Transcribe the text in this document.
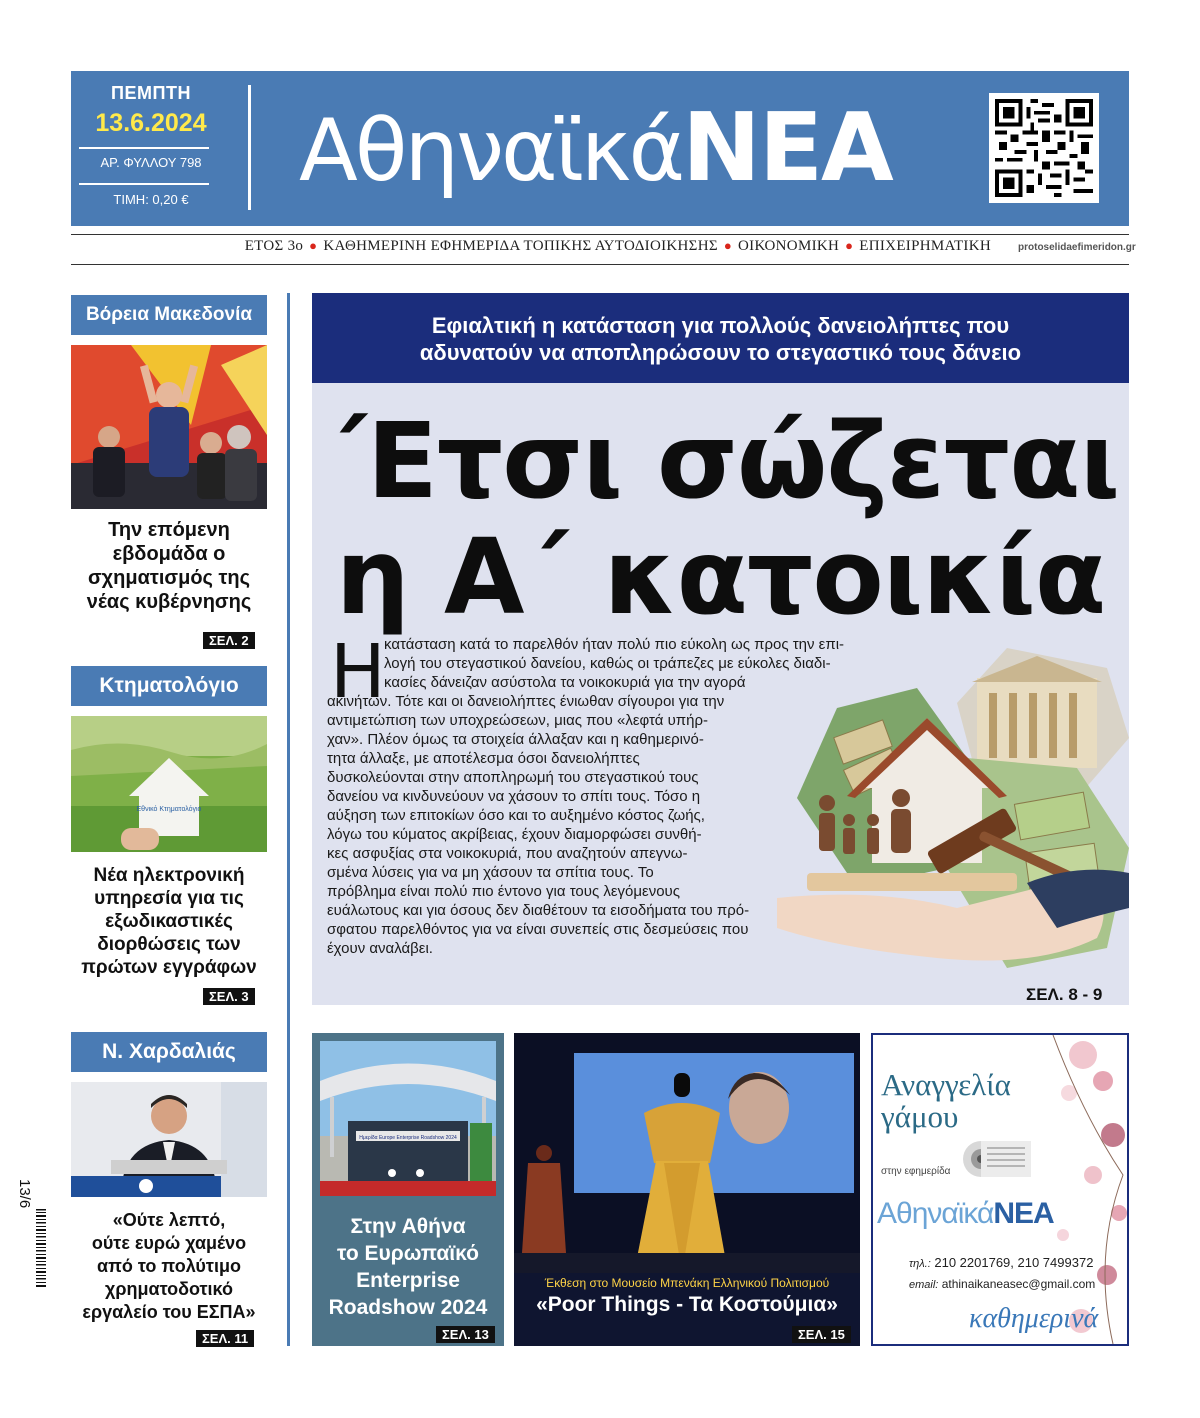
ΠΕΜΠΤΗ
13.6.2024
ΑΡ. ΦΥΛΛΟΥ 798
ΤΙΜΗ: 0,20 €	ΑθηναϊκάΝΕΑ
ΕΤΟΣ 3ο ● ΚΑΘΗΜΕΡΙΝΗ ΕΦΗΜΕΡΙΔΑ ΤΟΠΙΚΗΣ ΑΥΤΟΔΙΟΙΚΗΣΗΣ ● ΟΙΚΟΝΟΜΙΚΗ ● ΕΠΙΧΕΙΡΗΜΑΤΙΚΗ	protoselidaefimeridon.gr
Βόρεια Μακεδονία
Την επόμενη
εβδομάδα ο
σχηματισμός της
νέας κυβέρνησης
ΣΕΛ. 2
Κτηματολόγιο
Εθνικό Κτηματολόγιο
Νέα ηλεκτρονική
υπηρεσία για τις
εξωδικαστικές
διορθώσεις των
πρώτων εγγράφων
ΣΕΛ. 3
Ν. Χαρδαλιάς
«Ούτε λεπτό,
ούτε ευρώ χαμένο
από το πολύτιμο
χρηματοδοτικό
εργαλείο του ΕΣΠΑ»
ΣΕΛ. 11
13/6
Εφιαλτική η κατάσταση για πολλούς δανειολήπτες που
αδυνατούν να αποπληρώσουν το στεγαστικό τους δάνειο
΄Ετσι σώζεται
η Α΄ κατοικία
Η
κατάσταση κατά το παρελθόν ήταν πολύ πιο εύκολη ως προς την επι-
λογή του στεγαστικού δανείου, καθώς οι τράπεζες με εύκολες διαδι-
κασίες δάνειζαν ασύστολα τα νοικοκυριά για την αγορά
ακινήτων. Τότε και οι δανειολήπτες ένιωθαν σίγουροι για την
αντιμετώπιση των υποχρεώσεων, μιας που «λεφτά υπήρ-
χαν». Πλέον όμως τα στοιχεία άλλαξαν και η καθημερινό-
τητα άλλαξε, με αποτέλεσμα όσοι δανειολήπτες
δυσκολεύονται στην αποπληρωμή του στεγαστικού τους
δανείου να κινδυνεύουν να χάσουν το σπίτι τους. Τόσο η
αύξηση των επιτοκίων όσο και το αυξημένο κόστος ζωής,
λόγω του κύματος ακρίβειας, έχουν διαμορφώσει συνθή-
κες ασφυξίας στα νοικοκυριά, που αναζητούν απεγνω-
σμένα λύσεις για να μη χάσουν τα σπίτια τους. Το
πρόβλημα είναι πολύ πιο έντονο για τους λεγόμενους
ευάλωτους και για όσους δεν διαθέτουν τα εισοδήματα του πρό-
σφατου παρελθόντος για να είναι συνεπείς στις δεσμεύσεις που
έχουν αναλάβει.
ΣΕΛ. 8 - 9
Ημερίδα Europe Enterprise Roadshow 2024
Στην Αθήνα
το Ευρωπαϊκό
Enterprise
Roadshow 2024
ΣΕΛ. 13
Έκθεση στο Μουσείο Μπενάκη Ελληνικού Πολιτισμού
«Poor Things - Τα Κοστούμια»
ΣΕΛ. 15
Αναγγελία
γάμου
στην εφημερίδα
ΑθηναϊκάΝΕΑ
τηλ.: 210 2201769, 210 7499372
email: athinaikaneasec@gmail.com
καθημερινά
